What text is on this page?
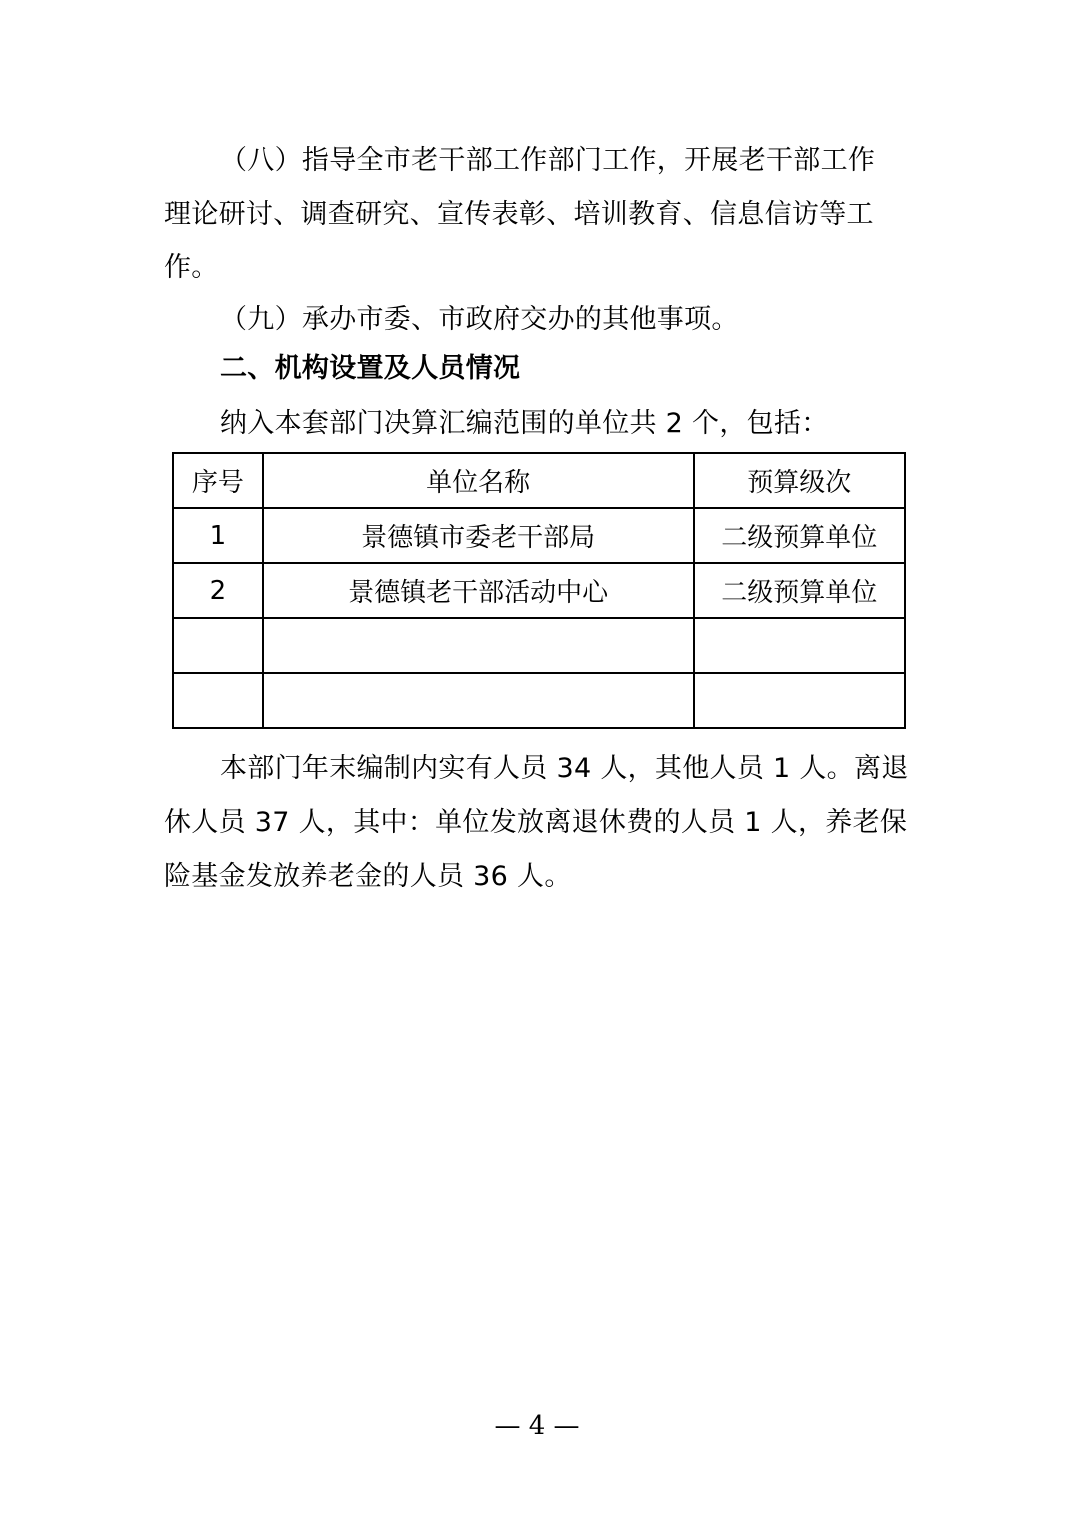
（八）指导全市老干部工作部门工作，开展老干部工作
理论研讨、调查研究、宣传表彰、培训教育、信息信访等工
作。
（九）承办市委、市政府交办的其他事项。
二、机构设置及人员情况
纳入本套部门决算汇编范围的单位共 2 个，包括：
序号	单位名称	预算级次
1	景德镇市委老干部局	二级预算单位
2	景德镇老干部活动中心	二级预算单位

本部门年末编制内实有人员 34 人，其他人员 1 人。离退
休人员 37 人，其中：单位发放离退休费的人员 1 人，养老保
险基金发放养老金的人员 36 人。
— 4 —
